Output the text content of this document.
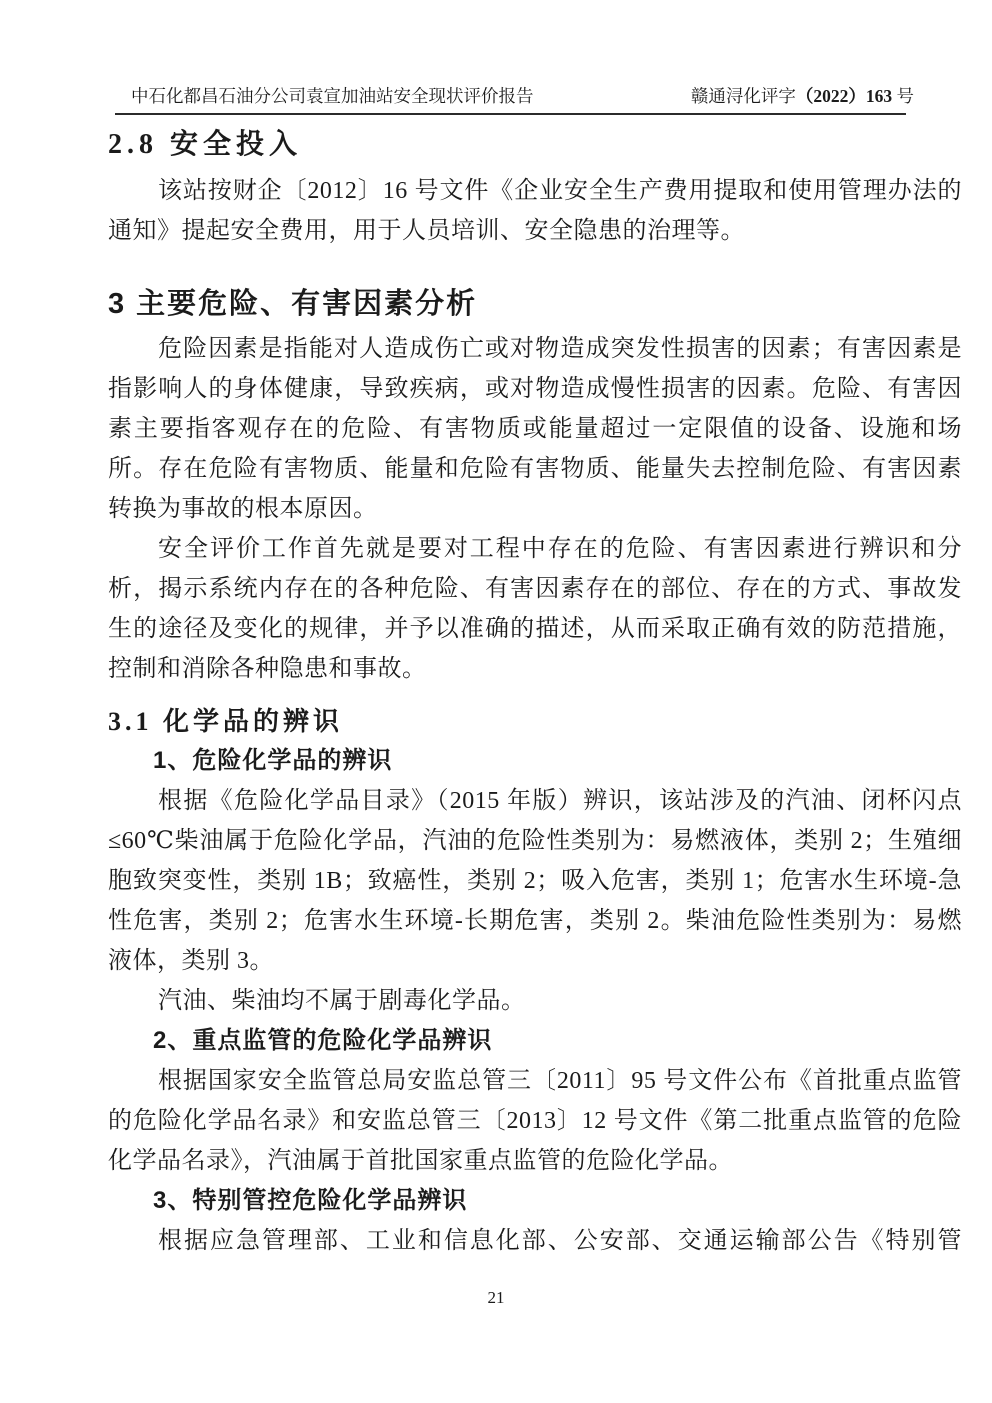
中石化都昌石油分公司袁宣加油站安全现状评价报告	赣通浔化评字（2022）163 号
2.8 安全投入

该站按财企〔2012〕16 号文件《企业安全生产费用提取和使用管理办法的通知》提起安全费用，用于人员培训、安全隐患的治理等。

3 主要危险、有害因素分析

危险因素是指能对人造成伤亡或对物造成突发性损害的因素；有害因素是指影响人的身体健康，导致疾病，或对物造成慢性损害的因素。危险、有害因素主要指客观存在的危险、有害物质或能量超过一定限值的设备、设施和场所。存在危险有害物质、能量和危险有害物质、能量失去控制危险、有害因素转换为事故的根本原因。

安全评价工作首先就是要对工程中存在的危险、有害因素进行辨识和分析，揭示系统内存在的各种危险、有害因素存在的部位、存在的方式、事故发生的途径及变化的规律，并予以准确的描述，从而采取正确有效的防范措施，控制和消除各种隐患和事故。

3.1 化学品的辨识
1、危险化学品的辨识

根据《危险化学品目录》（2015 年版）辨识，该站涉及的汽油、闭杯闪点≤60℃柴油属于危险化学品，汽油的危险性类别为：易燃液体，类别 2；生殖细胞致突变性，类别 1B；致癌性，类别 2；吸入危害，类别 1；危害水生环境-急性危害，类别 2；危害水生环境-长期危害，类别 2。柴油危险性类别为：易燃液体，类别 3。

汽油、柴油均不属于剧毒化学品。

2、重点监管的危险化学品辨识

根据国家安全监管总局安监总管三〔2011〕95 号文件公布《首批重点监管的危险化学品名录》和安监总管三〔2013〕12 号文件《第二批重点监管的危险化学品名录》，汽油属于首批国家重点监管的危险化学品。

3、特别管控危险化学品辨识

根据应急管理部、工业和信息化部、公安部、交通运输部公告《特别管

21
